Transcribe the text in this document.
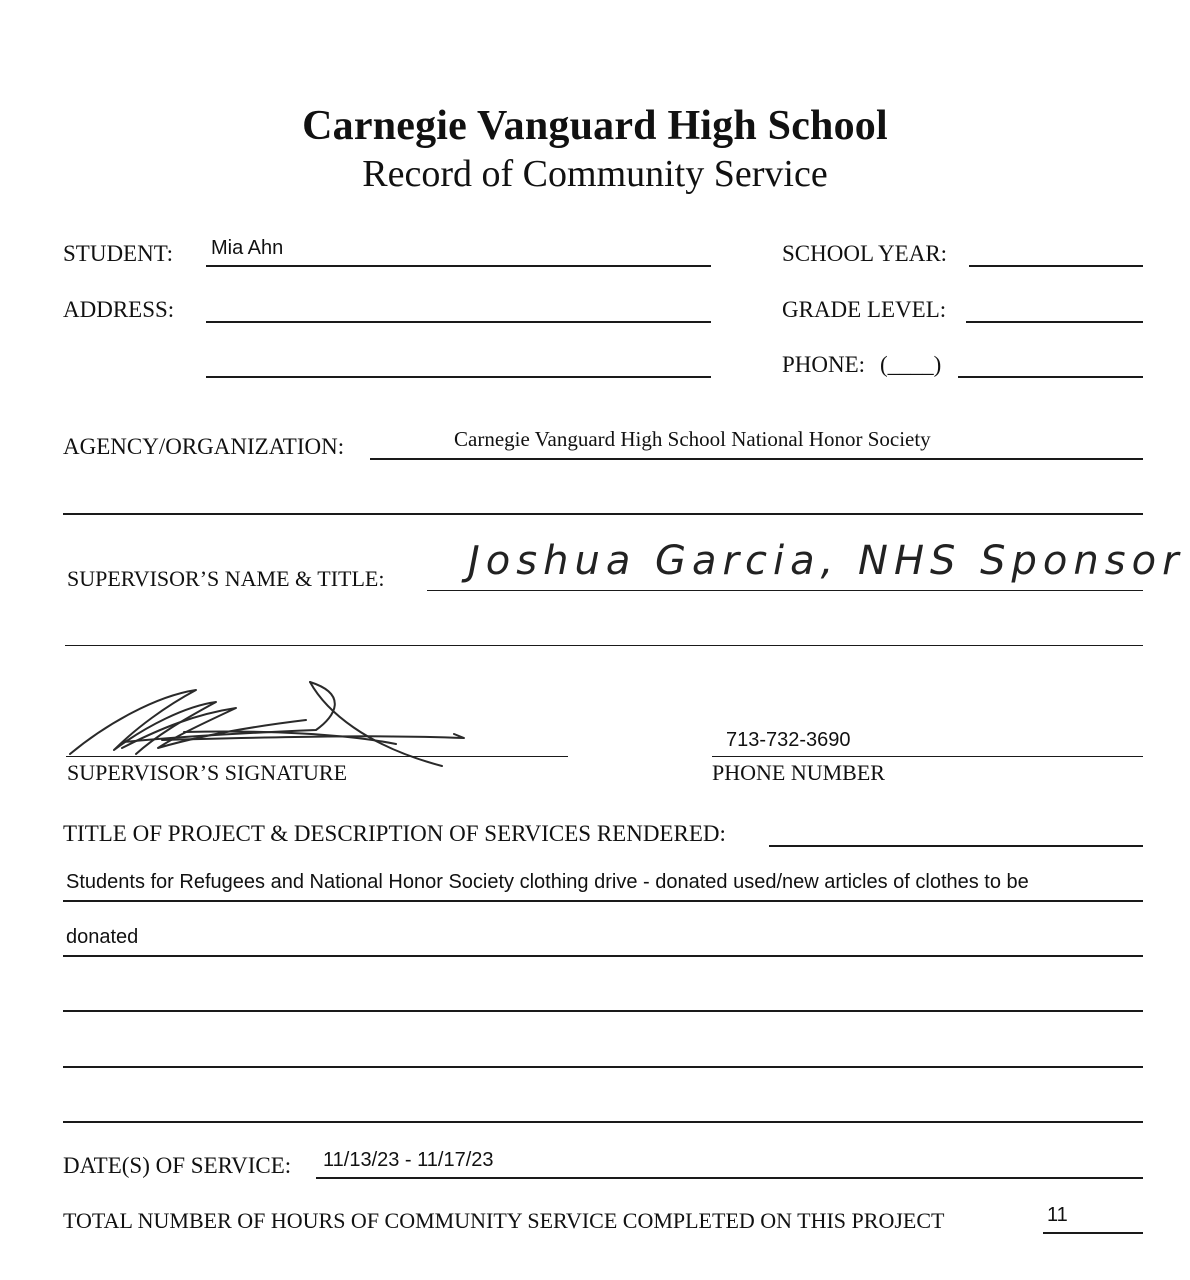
Carnegie Vanguard High School
Record of Community Service
STUDENT: Mia Ahn	SCHOOL YEAR:
ADDRESS:	GRADE LEVEL:
PHONE: (____)
AGENCY/ORGANIZATION:	Carnegie Vanguard High School National Honor Society
SUPERVISOR’S NAME & TITLE: Joshua Garcia, NHS Sponsor
SUPERVISOR’S SIGNATURE
713-732-3690
PHONE NUMBER
TITLE OF PROJECT & DESCRIPTION OF SERVICES RENDERED:
Students for Refugees and National Honor Society clothing drive - donated used/new articles of clothes to be
donated
DATE(S) OF SERVICE: 11/13/23 - 11/17/23
TOTAL NUMBER OF HOURS OF COMMUNITY SERVICE COMPLETED ON THIS PROJECT	11
